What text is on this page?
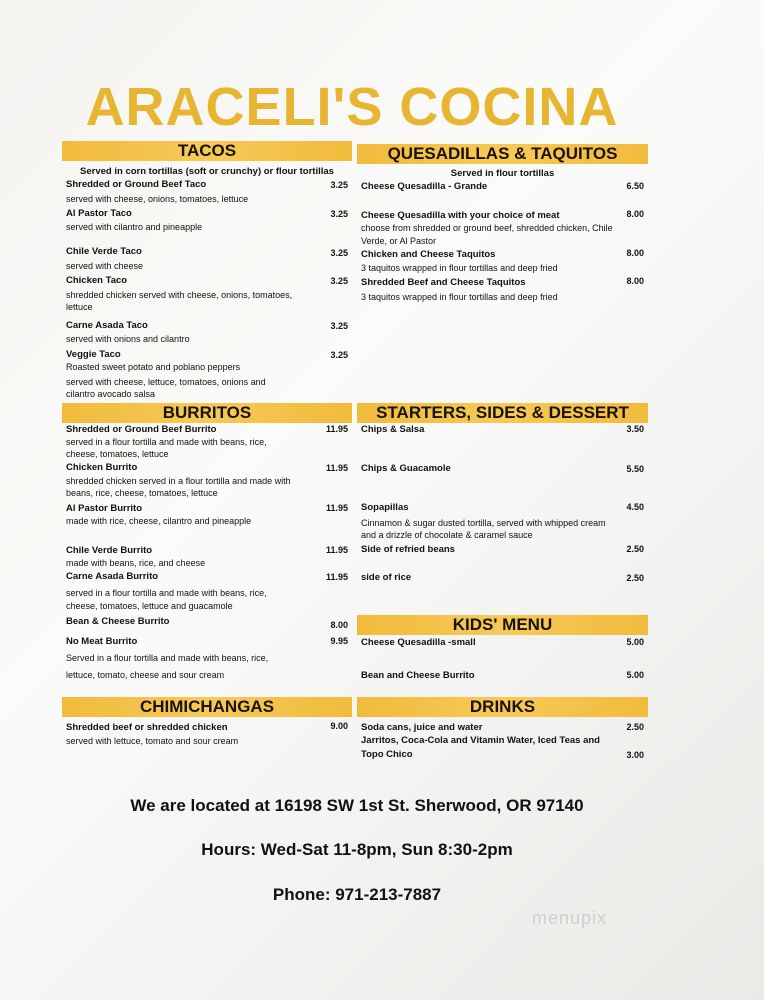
ARACELI'S COCINA
TACOS
Served in corn tortillas (soft or crunchy) or flour tortillas
Shredded or Ground Beef Taco	3.25
served with cheese, onions, tomatoes, lettuce
Al Pastor Taco	3.25
served with cilantro and pineapple
Chile Verde Taco	3.25
served with cheese
Chicken Taco	3.25
shredded chicken served with cheese, onions, tomatoes,
lettuce
Carne Asada Taco	3.25
served with onions and cilantro
Veggie Taco	3.25
Roasted sweet potato and poblano peppers
served with cheese, lettuce, tomatoes, onions and
cilantro avocado salsa
BURRITOS
Shredded or Ground Beef Burrito	11.95
served in a flour tortilla and made with beans, rice,
cheese, tomatoes, lettuce
Chicken Burrito	11.95
shredded chicken served in a flour tortilla and made with
beans, rice, cheese, tomatoes, lettuce
Al Pastor Burrito	11.95
made with rice, cheese, cilantro and pineapple
Chile Verde Burrito	11.95
made with beans, rice, and cheese
Carne Asada Burrito	11.95
served in a flour tortilla and made with beans, rice,
cheese, tomatoes, lettuce and guacamole
Bean & Cheese Burrito	8.00
No Meat Burrito	9.95
Served in a flour tortilla and made with beans, rice,
lettuce, tomato, cheese and sour cream
CHIMICHANGAS
Shredded beef or shredded chicken	9.00
served with lettuce, tomato and sour cream
QUESADILLAS & TAQUITOS
Served in flour tortillas
Cheese Quesadilla - Grande	6.50
Cheese Quesadilla with your choice of meat	8.00
choose from shredded or ground beef, shredded chicken, Chile
Verde, or Al Pastor
Chicken and Cheese Taquitos	8.00
3 taquitos wrapped in flour tortillas and deep fried
Shredded Beef and Cheese Taquitos	8.00
3 taquitos wrapped in flour tortillas and deep fried
STARTERS, SIDES & DESSERT
Chips & Salsa	3.50
Chips & Guacamole	5.50
Sopapillas	4.50
Cinnamon & sugar dusted tortilla, served with whipped cream
and a drizzle of chocolate & caramel sauce
Side of refried beans	2.50
side of rice	2.50
KIDS' MENU
Cheese Quesadilla -small	5.00
Bean and Cheese Burrito	5.00
DRINKS
Soda cans, juice and water	2.50
Jarritos, Coca-Cola and Vitamin Water, Iced Teas and
Topo Chico	3.00
We are located at 16198 SW 1st St. Sherwood, OR 97140
Hours: Wed-Sat 11-8pm, Sun 8:30-2pm
Phone: 971-213-7887
menupix
